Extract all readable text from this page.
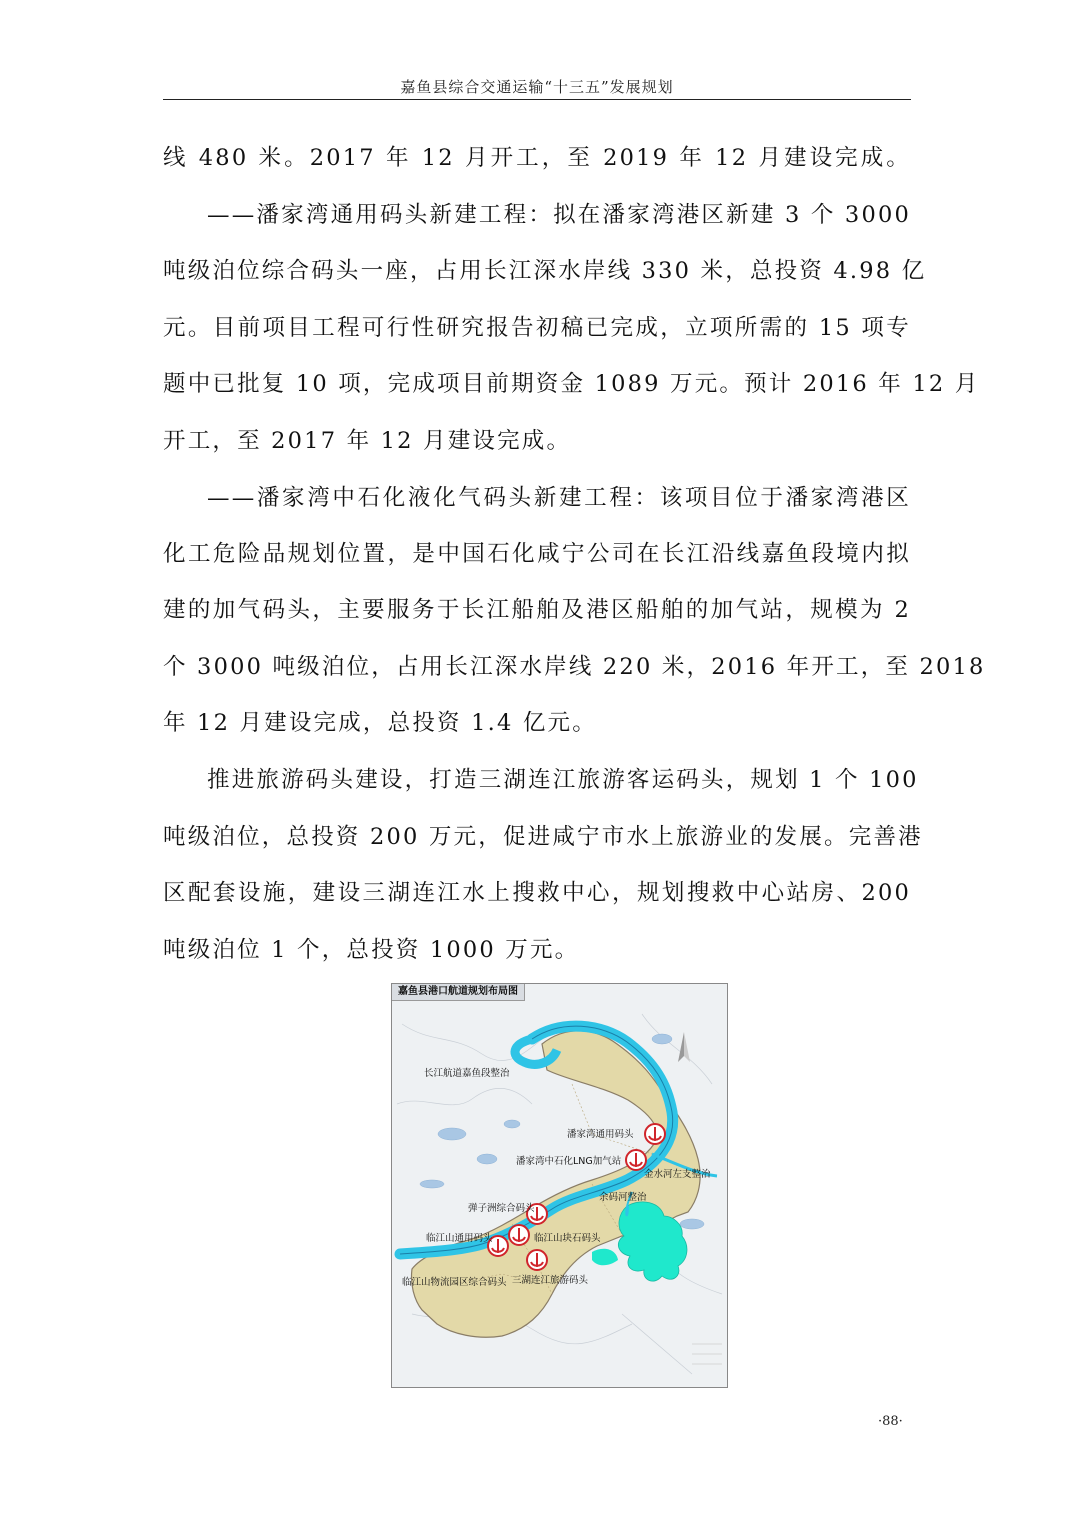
嘉鱼县综合交通运输“十三五”发展规划
线 480 米。2017 年 12 月开工，至 2019 年 12 月建设完成。
——潘家湾通用码头新建工程：拟在潘家湾港区新建 3 个 3000
吨级泊位综合码头一座，占用长江深水岸线 330 米，总投资 4.98 亿
元。目前项目工程可行性研究报告初稿已完成，立项所需的 15 项专
题中已批复 10 项，完成项目前期资金 1089 万元。预计 2016 年 12 月
开工，至 2017 年 12 月建设完成。
——潘家湾中石化液化气码头新建工程：该项目位于潘家湾港区
化工危险品规划位置，是中国石化咸宁公司在长江沿线嘉鱼段境内拟
建的加气码头，主要服务于长江船舶及港区船舶的加气站，规模为 2
个 3000 吨级泊位，占用长江深水岸线 220 米，2016 年开工，至 2018
年 12 月建设完成，总投资 1.4 亿元。
推进旅游码头建设，打造三湖连江旅游客运码头，规划 1 个 100
吨级泊位，总投资 200 万元，促进咸宁市水上旅游业的发展。完善港
区配套设施，建设三湖连江水上搜救中心，规划搜救中心站房、200
吨级泊位 1 个，总投资 1000 万元。
嘉鱼县港口航道规划布局图
长江航道嘉鱼段整治
潘家湾通用码头
潘家湾中石化LNG加气站
金水河左支整治
余码河整治
弹子洲综合码头
临江山通用码头	临江山块石码头
临江山物流园区综合码头 三湖连江旅游码头
·88·
